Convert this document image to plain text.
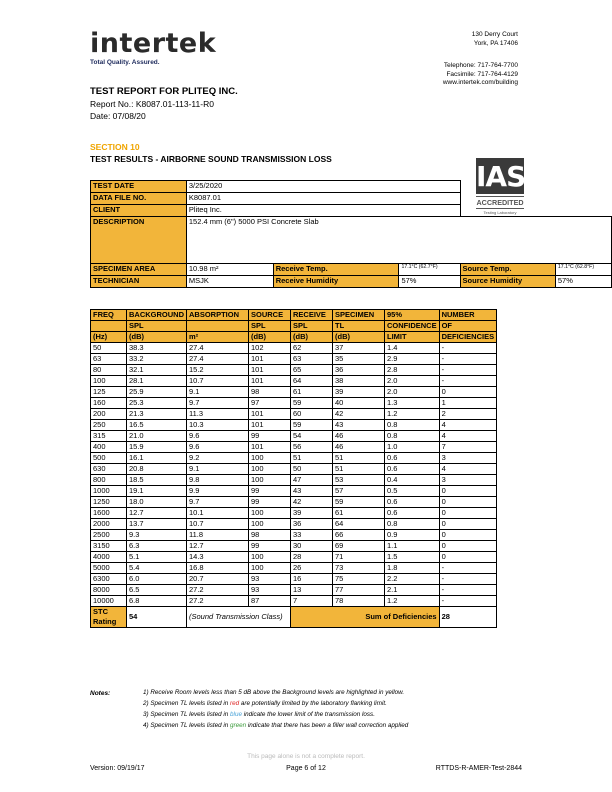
intertek
Total Quality. Assured.
130 Derry Court
York, PA 17406
Telephone: 717-764-7700
Facsimile: 717-764-4129
www.intertek.com/building
TEST REPORT FOR PLITEQ INC.
Report No.: K8087.01-113-11-R0
Date: 07/08/20
SECTION 10
TEST RESULTS - AIRBORNE SOUND TRANSMISSION LOSS
IAS
ACCREDITED
Testing Laboratory
TEST DATE	3/25/2020				
DATA FILE NO.	K8087.01				
CLIENT	Pliteq Inc.				
DESCRIPTION	152.4 mm (6") 5000 PSI Concrete Slab				
SPECIMEN AREA	10.98 m²	Receive Temp.	17.1°C (62.7°F)	Source Temp.	17.1°C (62.8°F)
TECHNICIAN	MSJK	Receive Humidity	57%	Source Humidity	57%
FREQ	BACKGROUND	ABSORPTION	SOURCE	RECEIVE	SPECIMEN	95%	NUMBER
	SPL		SPL	SPL	TL	CONFIDENCE	OF
(Hz)	(dB)	m²	(dB)	(dB)	(dB)	LIMIT	DEFICIENCIES
50	38.3	27.4	102	62	37	1.4	-
63	33.2	27.4	101	63	35	2.9	-
80	32.1	15.2	101	65	36	2.8	-
100	28.1	10.7	101	64	38	2.0	-
125	25.9	9.1	98	61	39	2.0	0
160	25.3	9.7	97	59	40	1.3	1
200	21.3	11.3	101	60	42	1.2	2
250	16.5	10.3	101	59	43	0.8	4
315	21.0	9.6	99	54	46	0.8	4
400	15.9	9.6	101	56	46	1.0	7
500	16.1	9.2	100	51	51	0.6	3
630	20.8	9.1	100	50	51	0.6	4
800	18.5	9.8	100	47	53	0.4	3
1000	19.1	9.9	99	43	57	0.5	0
1250	18.0	9.7	99	42	59	0.6	0
1600	12.7	10.1	100	39	61	0.6	0
2000	13.7	10.7	100	36	64	0.8	0
2500	9.3	11.8	98	33	66	0.9	0
3150	6.3	12.7	99	30	69	1.1	0
4000	5.1	14.3	100	28	71	1.5	0
5000	5.4	16.8	100	26	73	1.8	-
6300	6.0	20.7	93	16	75	2.2	-
8000	6.5	27.2	93	13	77	2.1	-
10000	6.8	27.2	87	7	78	1.2	-
STC Rating	54	(Sound Transmission Class)		Sum of Deficiencies			28
Notes:	1) Receive Room levels less than 5 dB above the Background levels are highlighted in yellow.
2) Specimen TL levels listed in red are potentially limited by the laboratory flanking limit.
3) Specimen TL levels listed in blue indicate the lower limit of the transmission loss.
4) Specimen TL levels listed in green indicate that there has been a filler wall correction applied
This page alone is not a complete report.
Version: 09/19/17	Page 6 of 12	RTTDS-R-AMER-Test-2844
